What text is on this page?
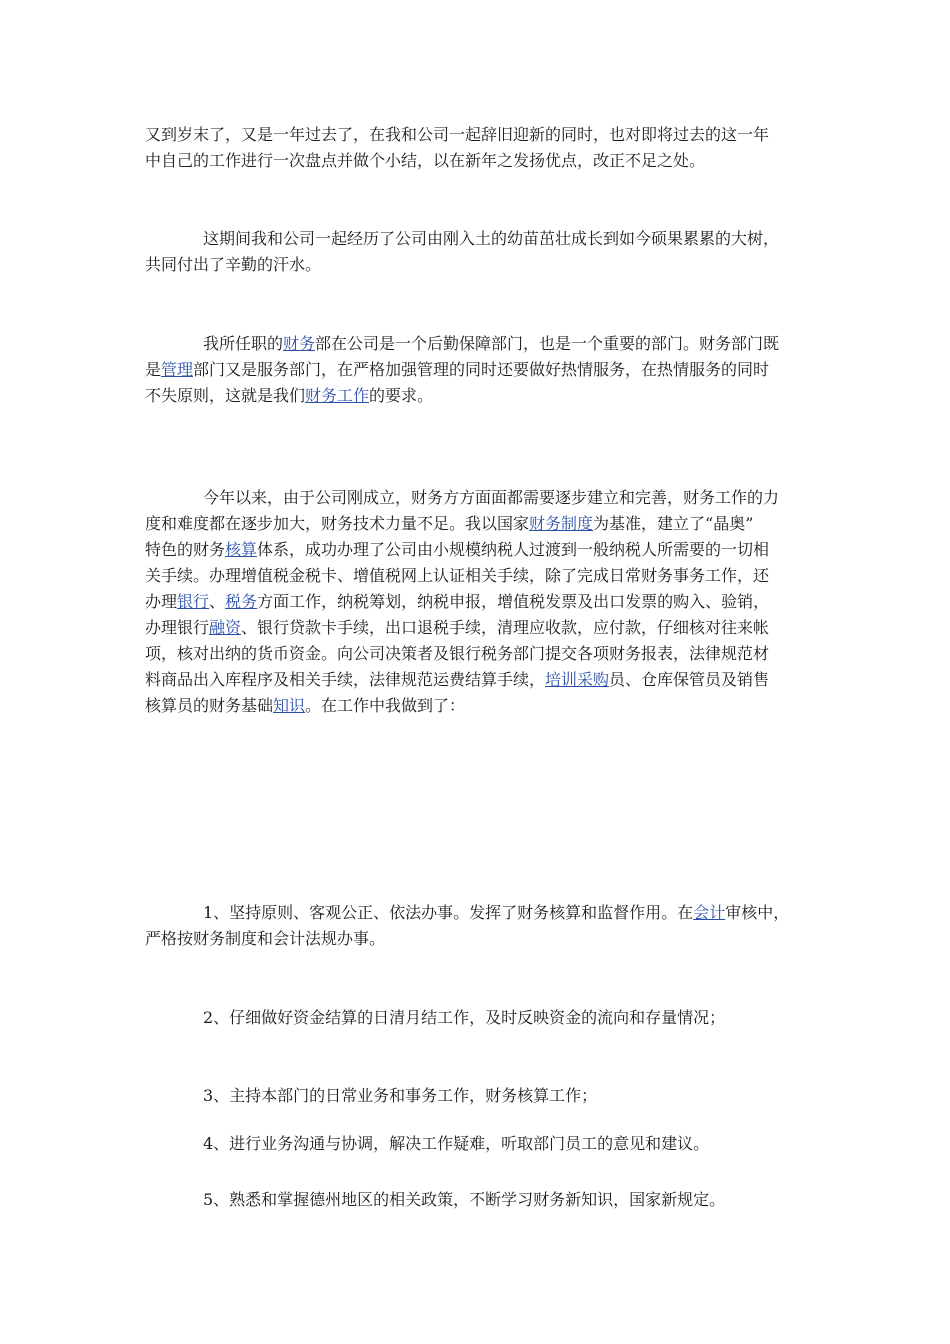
又到岁末了，又是一年过去了，在我和公司一起辞旧迎新的同时，也对即将过去的这一年
中自己的工作进行一次盘点并做个小结，以在新年之发扬优点，改正不足之处。
这期间我和公司一起经历了公司由刚入土的幼苗茁壮成长到如今硕果累累的大树，
共同付出了辛勤的汗水。
我所任职的财务部在公司是一个后勤保障部门，也是一个重要的部门。财务部门既
是管理部门又是服务部门，在严格加强管理的同时还要做好热情服务，在热情服务的同时
不失原则，这就是我们财务工作的要求。
今年以来，由于公司刚成立，财务方方面面都需要逐步建立和完善，财务工作的力
度和难度都在逐步加大，财务技术力量不足。我以国家财务制度为基准，建立了“晶奥”
特色的财务核算体系，成功办理了公司由小规模纳税人过渡到一般纳税人所需要的一切相
关手续。办理增值税金税卡、增值税网上认证相关手续，除了完成日常财务事务工作，还
办理银行、税务方面工作，纳税筹划，纳税申报，增值税发票及出口发票的购入、验销，
办理银行融资、银行贷款卡手续，出口退税手续，清理应收款，应付款，仔细核对往来帐
项，核对出纳的货币资金。向公司决策者及银行税务部门提交各项财务报表，法律规范材
料商品出入库程序及相关手续，法律规范运费结算手续，培训采购员、仓库保管员及销售
核算员的财务基础知识。在工作中我做到了：
1、坚持原则、客观公正、依法办事。发挥了财务核算和监督作用。在会计审核中，
严格按财务制度和会计法规办事。
2、仔细做好资金结算的日清月结工作，及时反映资金的流向和存量情况；
3、主持本部门的日常业务和事务工作，财务核算工作；
4、进行业务沟通与协调，解决工作疑难，听取部门员工的意见和建议。
5、熟悉和掌握德州地区的相关政策，不断学习财务新知识，国家新规定。
